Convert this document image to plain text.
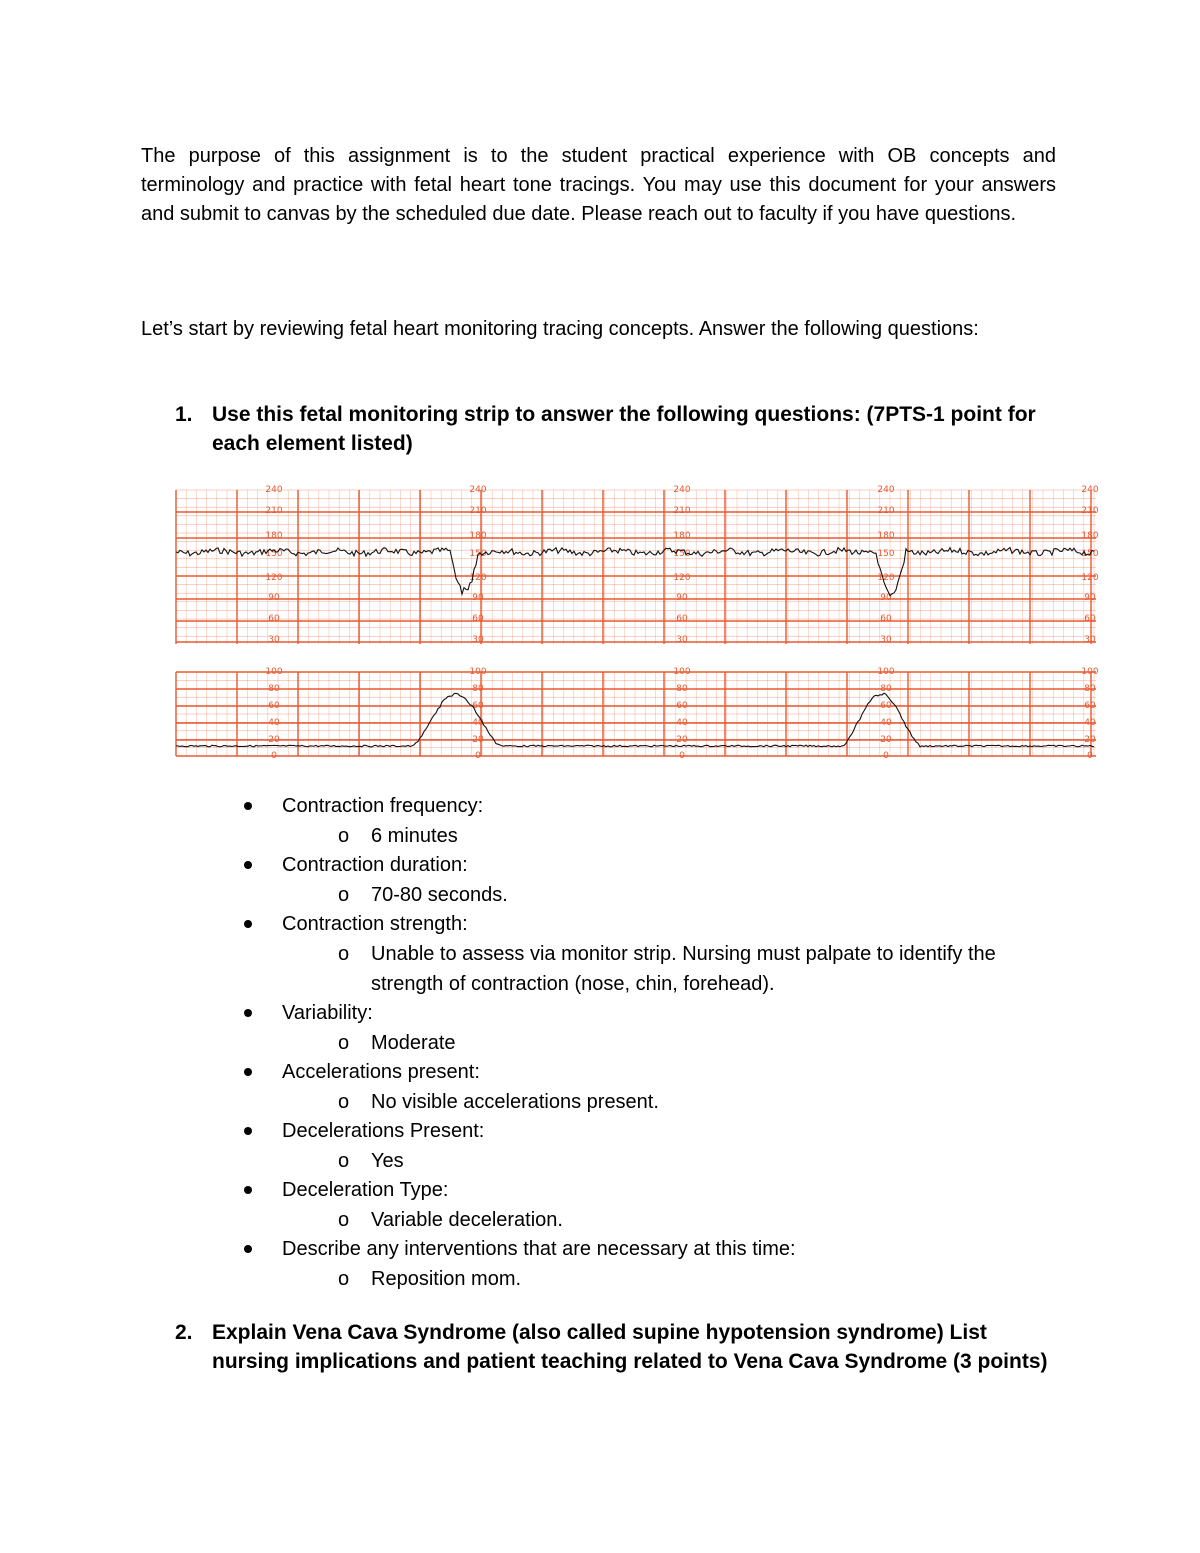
The purpose of this assignment is to the student practical experience with OB concepts and terminology and practice with fetal heart tone tracings. You may use this document for your answers and submit to canvas by the scheduled due date. Please reach out to faculty if you have questions.

Let’s start by reviewing fetal heart monitoring tracing concepts. Answer the following questions:

1. Use this fetal monitoring strip to answer the following questions: (7PTS-1 point for each element listed)
240
210
180
150
120
90
60
30
100
80
60
40
20
0
240
210
180
150
120
90
60
30
100
80
60
40
20
0
240
210
180
150
120
90
60
30
100
80
60
40
20
0
240
210
180
150
120
90
60
30
100
80
60
40
20
0
240
210
180
150
120
90
60
30
100
80
60
40
20
0
Contraction frequency:
o 6 minutes
Contraction duration:
o 70-80 seconds.
Contraction strength:
o Unable to assess via monitor strip. Nursing must palpate to identify the strength of contraction (nose, chin, forehead).
Variability:
o Moderate
Accelerations present:
o No visible accelerations present.
Decelerations Present:
o Yes
Deceleration Type:
o Variable deceleration.
Describe any interventions that are necessary at this time:
o Reposition mom.
2. Explain Vena Cava Syndrome (also called supine hypotension syndrome) List nursing implications and patient teaching related to Vena Cava Syndrome (3 points)
